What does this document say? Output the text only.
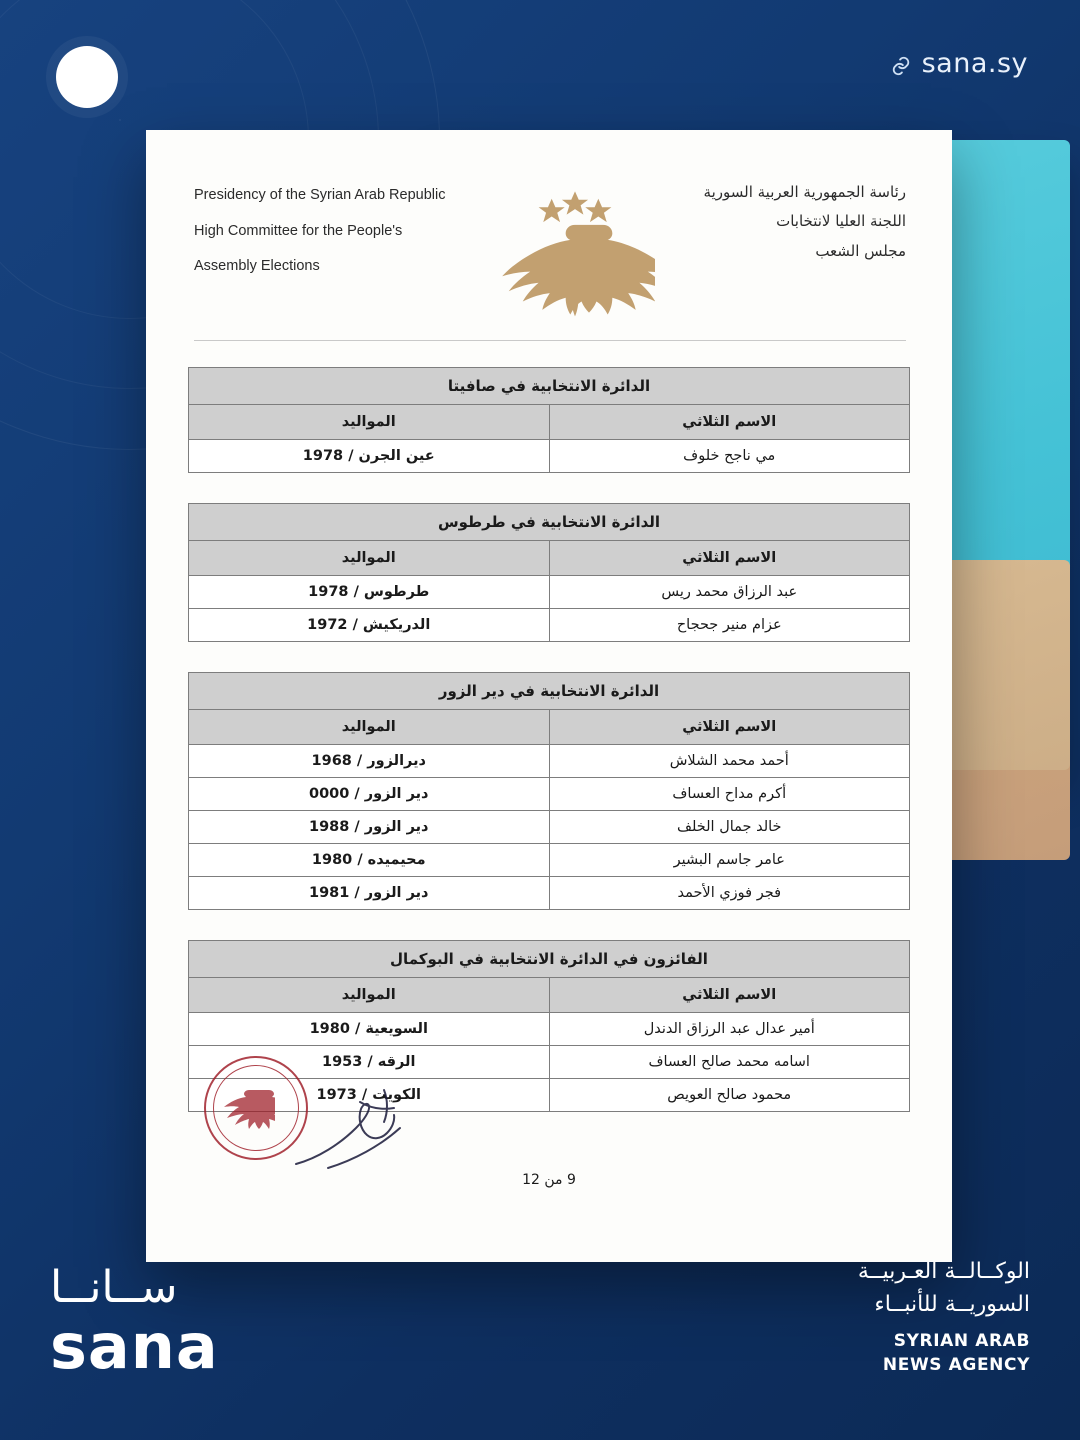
sana.sy
Presidency of the Syrian Arab Republic
High Committee for the People's
Assembly Elections
رئاسة الجمهورية العربية السورية
اللجنة العليا لانتخابات
مجلس الشعب
الدائرة الانتخابية في صافيتا	
الاسم الثلاثي	المواليد
مي ناجح خلوف	عين الجرن / 1978
الدائرة الانتخابية في طرطوس	
الاسم الثلاثي	المواليد
عبد الرزاق محمد ريس	طرطوس / 1978
عزام منير جحجاح	الدريكيش / 1972
الدائرة الانتخابية في دير الزور	
الاسم الثلاثي	المواليد
أحمد محمد الشلاش	ديرالزور / 1968
أكرم مداح العساف	دير الزور / 0000
خالد جمال الخلف	دير الزور / 1988
عامر جاسم البشير	محيميده / 1980
فجر فوزي الأحمد	دير الزور / 1981
الفائزون في الدائرة الانتخابية في البوكمال	
الاسم الثلاثي	المواليد
أمير عدال عبد الرزاق الدندل	السويعية / 1980
اسامه محمد صالح العساف	الرقه / 1953
محمود صالح العويص	الكويت / 1973
9 من 12
ســانــا
sana
الوكــالــة العـربيــة
السوريــة للأنبــاء
SYRIAN ARAB
NEWS AGENCY
